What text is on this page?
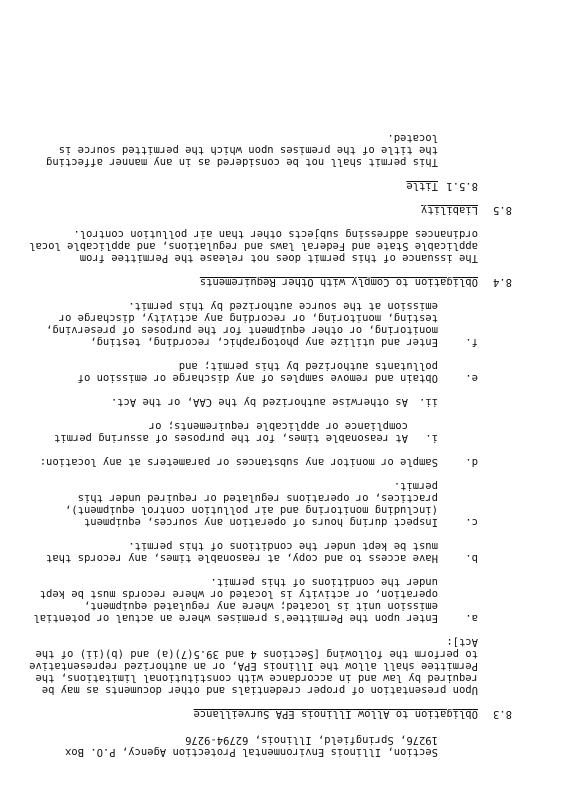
Section, Illinois Environmental Protection Agency, P.O. Box
19276, Springfield, Illinois, 62794-9276
8.3
Obligation to Allow Illinois EPA Surveillance
Upon presentation of proper credentials and other documents as may be
required by law and in accordance with constitutional limitations, the
Permittee shall allow the Illinois EPA, or an authorized representative
to perform the following [Sections 4 and 39.5(7)(a) and (b)(ii) of the
Act]:
a.
Enter upon the Permittee's premises where an actual or potential
emission unit is located; where any regulated equipment,
operation, or activity is located or where records must be kept
under the conditions of this permit.
b.
Have access to and copy, at reasonable times, any records that
must be kept under the conditions of this permit.
c.
Inspect during hours of operation any sources, equipment
(including monitoring and air pollution control equipment),
practices, or operations regulated or required under this
permit.
d.
Sample or monitor any substances or parameters at any location:
i.
At reasonable times, for the purposes of assuring permit
compliance or applicable requirements; or
ii.
As otherwise authorized by the CAA, or the Act.
e.
Obtain and remove samples of any discharge or emission of
pollutants authorized by this permit; and
f.
Enter and utilize any photographic, recording, testing,
monitoring, or other equipment for the purposes of preserving,
testing, monitoring, or recording any activity, discharge or
emission at the source authorized by this permit.
8.4
Obligation to Comply with Other Requirements
The issuance of this permit does not release the Permittee from
applicable State and Federal laws and regulations, and applicable local
ordinances addressing subjects other than air pollution control.
8.5
Liability
8.5.1
Title
This permit shall not be considered as in any manner affecting
the title of the premises upon which the permitted source is
located.
